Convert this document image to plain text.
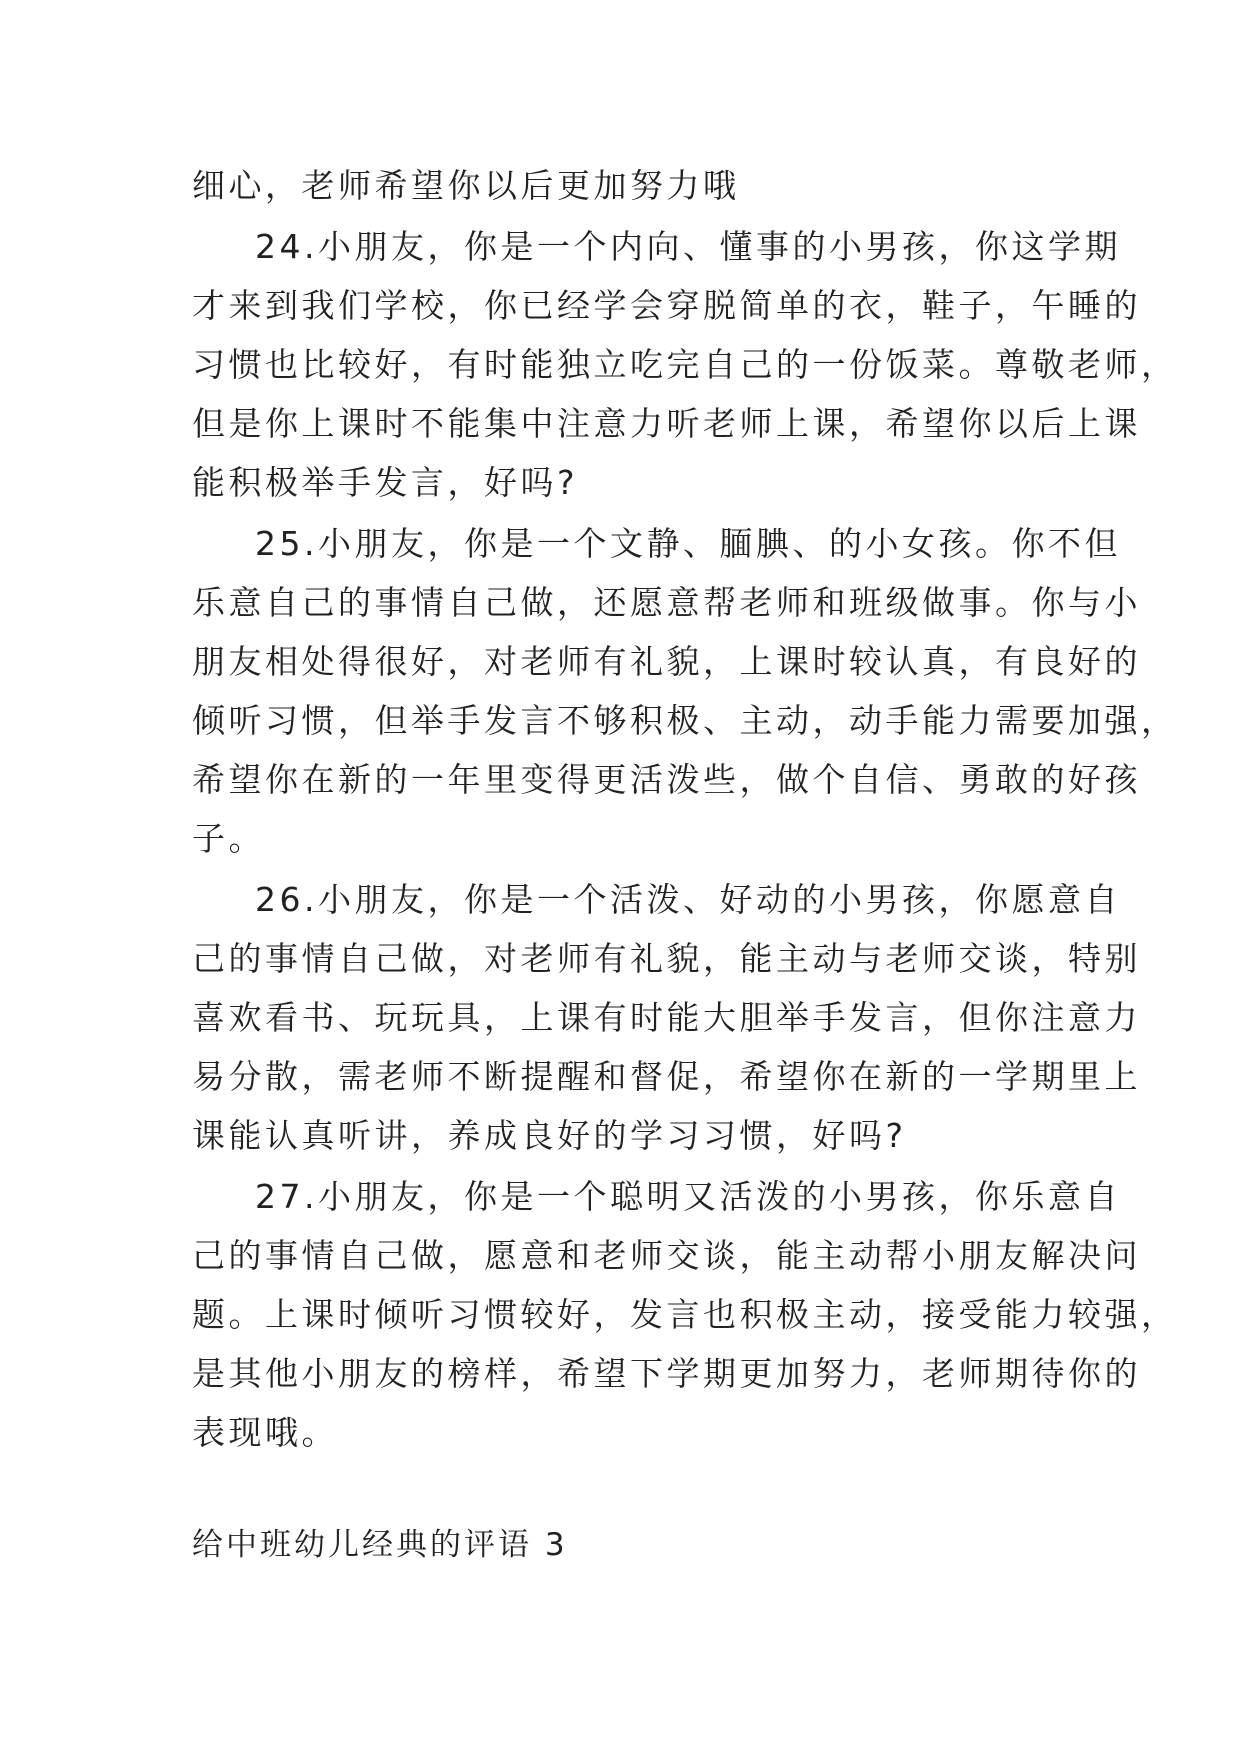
细心，老师希望你以后更加努力哦
24.小朋友，你是一个内向、懂事的小男孩，你这学期
才来到我们学校，你已经学会穿脱简单的衣，鞋子，午睡的
习惯也比较好，有时能独立吃完自己的一份饭菜。尊敬老师，
但是你上课时不能集中注意力听老师上课，希望你以后上课
能积极举手发言，好吗?
25.小朋友，你是一个文静、腼腆、的小女孩。你不但
乐意自己的事情自己做，还愿意帮老师和班级做事。你与小
朋友相处得很好，对老师有礼貌，上课时较认真，有良好的
倾听习惯，但举手发言不够积极、主动，动手能力需要加强，
希望你在新的一年里变得更活泼些，做个自信、勇敢的好孩
子。
26.小朋友，你是一个活泼、好动的小男孩，你愿意自
己的事情自己做，对老师有礼貌，能主动与老师交谈，特别
喜欢看书、玩玩具，上课有时能大胆举手发言，但你注意力
易分散，需老师不断提醒和督促，希望你在新的一学期里上
课能认真听讲，养成良好的学习习惯，好吗?
27.小朋友，你是一个聪明又活泼的小男孩，你乐意自
己的事情自己做，愿意和老师交谈，能主动帮小朋友解决问
题。上课时倾听习惯较好，发言也积极主动，接受能力较强，
是其他小朋友的榜样，希望下学期更加努力，老师期待你的
表现哦。
给中班幼儿经典的评语 3
